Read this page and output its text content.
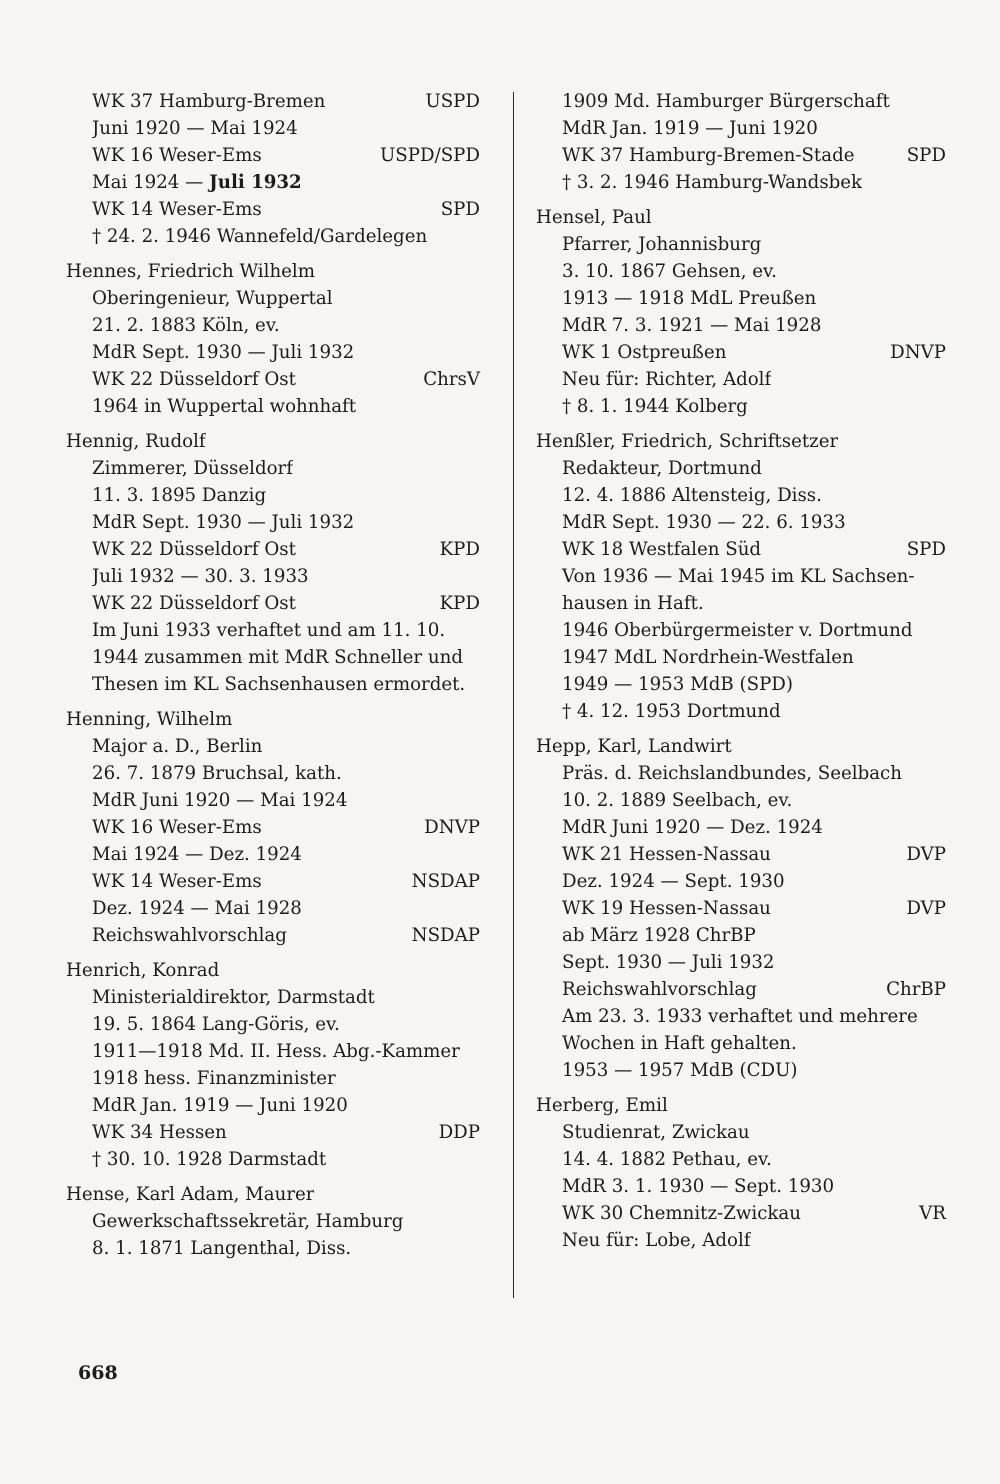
WK 37 Hamburg-Bremen	USPD
Juni 1920 — Mai 1924
WK 16 Weser-Ems	USPD/SPD
Mai 1924 — Juli 1932
WK 14 Weser-Ems	SPD
† 24. 2. 1946 Wannefeld/Gardelegen
Hennes, Friedrich Wilhelm
Oberingenieur, Wuppertal
21. 2. 1883 Köln, ev.
MdR Sept. 1930 — Juli 1932
WK 22 Düsseldorf Ost	ChrsV
1964 in Wuppertal wohnhaft
Hennig, Rudolf
Zimmerer, Düsseldorf
11. 3. 1895 Danzig
MdR Sept. 1930 — Juli 1932
WK 22 Düsseldorf Ost	KPD
Juli 1932 — 30. 3. 1933
WK 22 Düsseldorf Ost	KPD
Im Juni 1933 verhaftet und am 11. 10.
1944 zusammen mit MdR Schneller und
Thesen im KL Sachsenhausen ermordet.
Henning, Wilhelm
Major a. D., Berlin
26. 7. 1879 Bruchsal, kath.
MdR Juni 1920 — Mai 1924
WK 16 Weser-Ems	DNVP
Mai 1924 — Dez. 1924
WK 14 Weser-Ems	NSDAP
Dez. 1924 — Mai 1928
Reichswahlvorschlag	NSDAP
Henrich, Konrad
Ministerialdirektor, Darmstadt
19. 5. 1864 Lang-Göris, ev.
1911—1918 Md. II. Hess. Abg.-Kammer
1918 hess. Finanzminister
MdR Jan. 1919 — Juni 1920
WK 34 Hessen	DDP
† 30. 10. 1928 Darmstadt
Hense, Karl Adam, Maurer
Gewerkschaftssekretär, Hamburg
8. 1. 1871 Langenthal, Diss.
1909 Md. Hamburger Bürgerschaft
MdR Jan. 1919 — Juni 1920
WK 37 Hamburg-Bremen-Stade	SPD
† 3. 2. 1946 Hamburg-Wandsbek
Hensel, Paul
Pfarrer, Johannisburg
3. 10. 1867 Gehsen, ev.
1913 — 1918 MdL Preußen
MdR 7. 3. 1921 — Mai 1928
WK 1 Ostpreußen	DNVP
Neu für: Richter, Adolf
† 8. 1. 1944 Kolberg
Henßler, Friedrich, Schriftsetzer
Redakteur, Dortmund
12. 4. 1886 Altensteig, Diss.
MdR Sept. 1930 — 22. 6. 1933
WK 18 Westfalen Süd	SPD
Von 1936 — Mai 1945 im KL Sachsen-
hausen in Haft.
1946 Oberbürgermeister v. Dortmund
1947 MdL Nordrhein-Westfalen
1949 — 1953 MdB (SPD)
† 4. 12. 1953 Dortmund
Hepp, Karl, Landwirt
Präs. d. Reichslandbundes, Seelbach
10. 2. 1889 Seelbach, ev.
MdR Juni 1920 — Dez. 1924
WK 21 Hessen-Nassau	DVP
Dez. 1924 — Sept. 1930
WK 19 Hessen-Nassau	DVP
ab März 1928 ChrBP
Sept. 1930 — Juli 1932
Reichswahlvorschlag	ChrBP
Am 23. 3. 1933 verhaftet und mehrere
Wochen in Haft gehalten.
1953 — 1957 MdB (CDU)
Herberg, Emil
Studienrat, Zwickau
14. 4. 1882 Pethau, ev.
MdR 3. 1. 1930 — Sept. 1930
WK 30 Chemnitz-Zwickau	VR
Neu für: Lobe, Adolf
668
